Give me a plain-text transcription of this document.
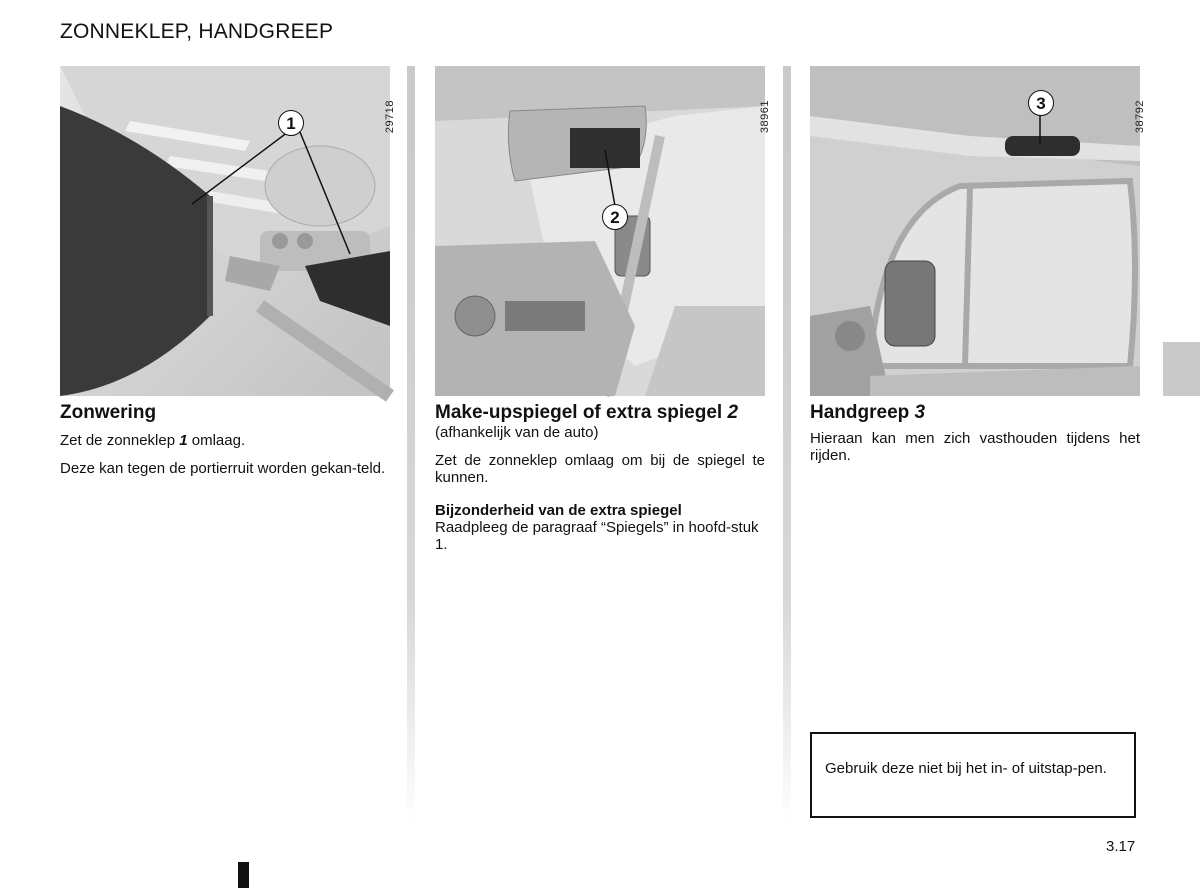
ZONNEKLEP, HANDGREEP
29718
1
Zonwering

Zet de zonneklep 1 omlaag.

Deze kan tegen de portierruit worden gekan-teld.

38961
2
Make-upspiegel of extra spiegel 2

(afhankelijk van de auto)

Zet de zonneklep omlaag om bij de spiegel te kunnen.

Bijzonderheid van de extra spiegel

Raadpleeg de paragraaf “Spiegels” in hoofd-stuk 1.

38792
3
Handgreep 3

Hieraan kan men zich vasthouden tijdens het rijden.

Gebruik deze niet bij het in- of uitstap-pen.

3.17
